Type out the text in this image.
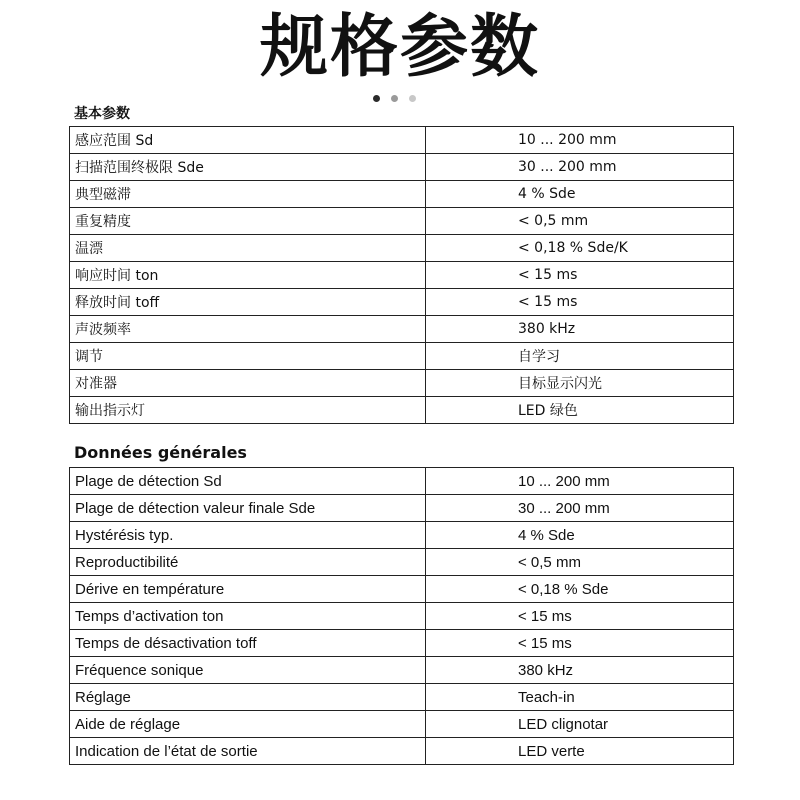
规格参数
基本参数
感应范围 Sd	10 ... 200 mm
扫描范围终极限 Sde	30 ... 200 mm
典型磁滞	4 % Sde
重复精度	< 0,5 mm
温漂	< 0,18 % Sde/K
响应时间 ton	< 15 ms
释放时间 toff	< 15 ms
声波频率	380 kHz
调节	自学习
对准器	目标显示闪光
输出指示灯	LED 绿色
Données générales
Plage de détection Sd	10 ... 200 mm
Plage de détection valeur finale Sde	30 ... 200 mm
Hystérésis typ.	4 % Sde
Reproductibilité	< 0,5 mm
Dérive en température	< 0,18 % Sde
Temps d’activation ton	< 15 ms
Temps de désactivation toff	< 15 ms
Fréquence sonique	380 kHz
Réglage	Teach-in
Aide de réglage	LED clignotar
Indication de l’état de sortie	LED verte
